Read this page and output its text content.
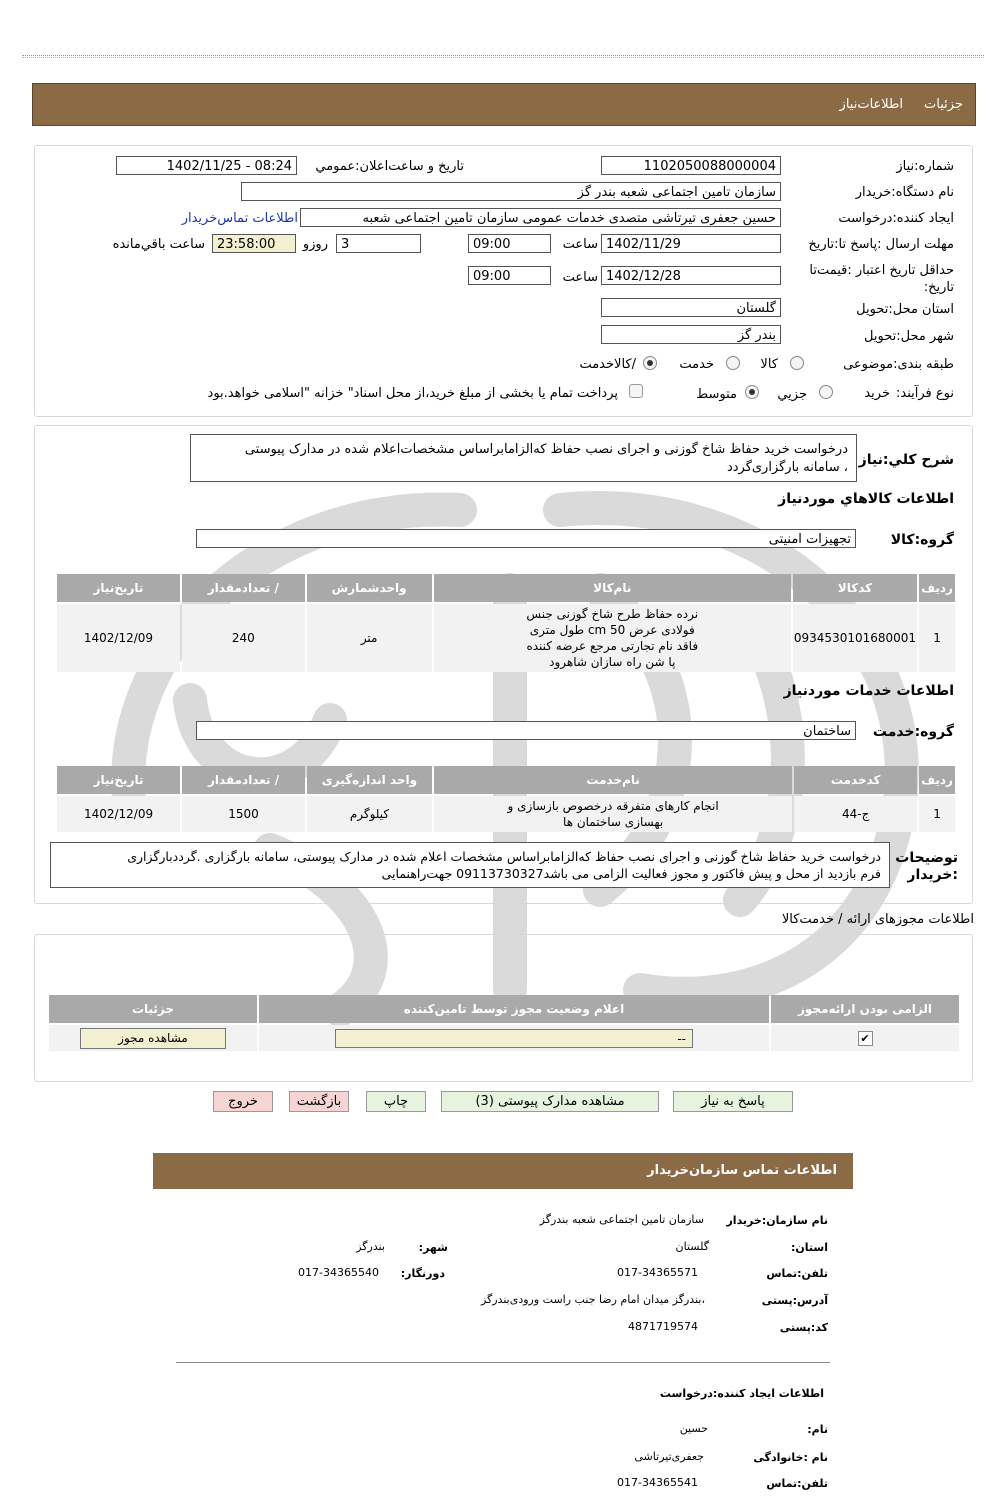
جزئیات
اطلاعات‌نیاز
شماره:نیاز
1102050088000004
تاریخ و ساعت‌اعلان:عمومي
1402/11/25 - 08:24
نام دستگاه:خریدار
سازمان تامین اجتماعی شعبه بندر گز
ایجاد کننده:درخواست
حسین جعفری تیرتاشی متصدی خدمات عمومی سازمان تامین اجتماعی شعبه
اطلاعات تماس‌خریدار
مهلت ارسال :پاسخ تا:تاریخ
1402/11/29
ساعت
09:00
3
روزو
23:58:00
ساعت باقي‌مانده
حداقل تاریخ اعتبار :قیمت‌تا تاریخ:
1402/12/28
ساعت
09:00
استان محل:تحویل
گلستان
شهر محل:تحویل
بندر گز
طبقه بندی:موضوعی
کالا
خدمت
/کالاخدمت
نوع فرآیند:
خرید
جزیي
متوسط
پرداخت تمام یا بخشی از مبلغ خرید،از محل اسناد" خزانه "اسلامی خواهد.بود
شرح کلي:نیاز
درخواست خرید حفاظ شاخ گوزنی و اجرای نصب حفاظ که‌الزاما‌براساس مشخصات‌اعلام شده در مدارک پیوستی
، سامانه بارگزاری‌گردد
اطلاعات کالاهاي موردنیاز
گروه:کالا
تجهیزات امنیتی
ردیف	کدکالا	نام‌کالا	واحدشمارش	/ تعدادمقدار	تاریخ‌نیاز
1	0934530101680001	نرده حفاظ طرح شاخ گوزنی جنس
فولادی عرض cm 50 طول متری
فاقد نام تجارتی مرجع عرضه کننده
پا شن راه سازان شاهرود	متر	240	1402/12/09
اطلاعات خدمات موردنیاز
گروه:خدمت
ساختمان
ردیف	کدخدمت	نام‌خدمت	واحد اندازه‌گیری	/ تعدادمقدار	تاریخ‌نیاز
1	ج-44	انجام کارهای متفرقه درخصوص بازسازی و
بهسازی ساختمان ها	کیلوگرم	1500	1402/12/09
توضیحات :خریدار
درخواست خرید حفاظ شاخ گوزنی و اجرای نصب حفاظ که‌الزاما‌براساس مشخصات اعلام شده در مدارک پیوستی، سامانه بارگزاری .گرددبارگزاری
فرم بازدید از محل و پیش فاکتور و مجوز فعالیت الزامی می باشد09113730327 جهت‌راهنمایی
اطلاعات مجوزهای ارائه / خدمت‌کالا
الزامی بودن ارائه‌مجوز	اعلام وضعیت مجوز توسط تامین‌کننده	جزئیات
✔	--	مشاهده مجوز
پاسخ به نیاز
مشاهده مدارک پیوستی (3)
چاپ
بازگشت
خروج
اطلاعات تماس سازمان‌خریدار
نام سازمان:خریدار
سازمان تامین اجتماعی شعبه بندرگز
استان:
گلستان
شهر:
بندرگز
تلفن:تماس
017-34365571
دورنگار:
017-34365540
آدرس:پستی
،بندرگز میدان امام رضا جنب راست ورودی‌بندرگز
کد:پستی
4871719574
اطلاعات ایجاد کننده:درخواست
نام:
حسین
نام :خانوادگی
جعفری‌تیرتاشی
تلفن:تماس
017-34365541
